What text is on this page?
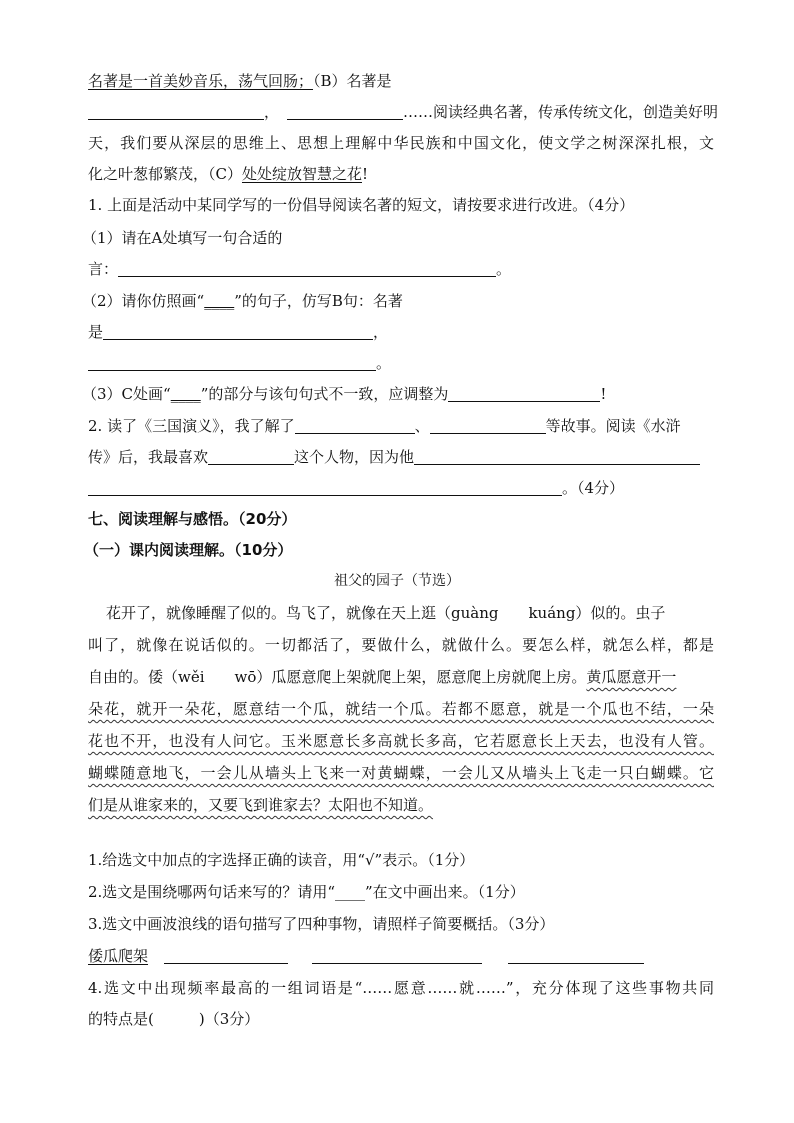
名著是一首美妙音乐，荡气回肠；（B）名著是
，	……阅读经典名著，传承传统文化，创造美好明
天，我们要从深层的思维上、思想上理解中华民族和中国文化，使文学之树深深扎根，文
化之叶葱郁繁茂，（C）处处绽放智慧之花!
1. 上面是活动中某同学写的一份倡导阅读名著的短文，请按要求进行改进。（4分）
（1）请在A处填写一句合适的
言：	。
（2）请你仿照画“____”的句子，仿写B句：名著
是	，
。
（3）C处画“____”的部分与该句句式不一致，应调整为	!
2. 读了《三国演义》，我了解了	、	等故事。阅读《水浒
传》后，我最喜欢	这个人物，因为他
。（4分）
七、阅读理解与感悟。（20分）
（一）课内阅读理解。（10分）
祖父的园子（节选）
花开了，就像睡醒了似的。鸟飞了，就像在天上逛（guàng　　kuáng）似的。虫子
叫了，就像在说话似的。一切都活了，要做什么，就做什么。要怎么样，就怎么样，都是
自由的。倭（wěi　　wō）瓜愿意爬上架就爬上架，愿意爬上房就爬上房。黄瓜愿意开一
朵花，就开一朵花，愿意结一个瓜，就结一个瓜。若都不愿意，就是一个瓜也不结，一朵
花也不开，也没有人问它。玉米愿意长多高就长多高，它若愿意长上天去，也没有人管。
蝴蝶随意地飞，一会儿从墙头上飞来一对黄蝴蝶，一会儿又从墙头上飞走一只白蝴蝶。它
们是从谁家来的，又要飞到谁家去？太阳也不知道。
1.给选文中加点的字选择正确的读音，用“√”表示。（1分）
2.选文是围绕哪两句话来写的？请用“____”在文中画出来。（1分）
3.选文中画波浪线的语句描写了四种事物，请照样子简要概括。（3分）
倭瓜爬架
4.选文中出现频率最高的一组词语是“……愿意……就……”，充分体现了这些事物共同
的特点是(　　　)（3分）
